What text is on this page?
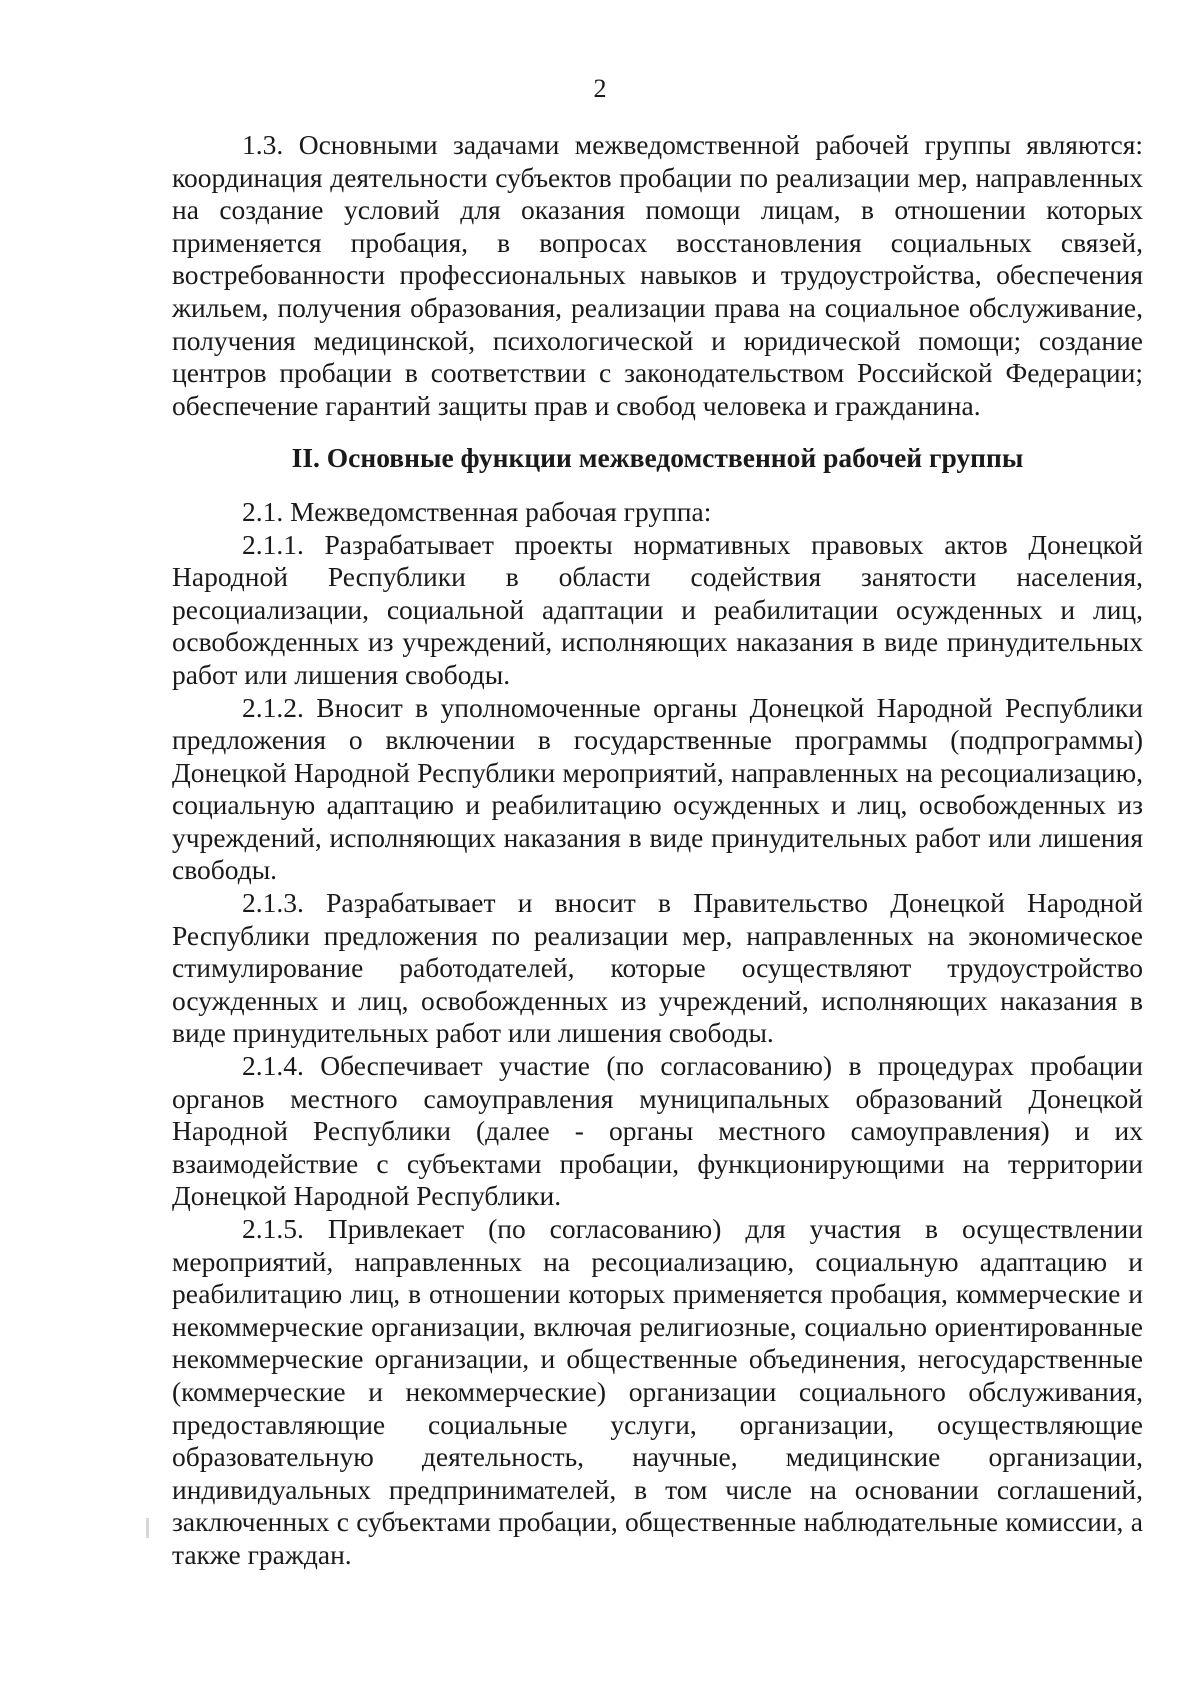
2

1.3. Основными задачами межведомственной рабочей группы являются: координация деятельности субъектов пробации по реализации мер, направленных на создание условий для оказания помощи лицам, в отношении которых применяется пробация, в вопросах восстановления социальных связей, востребованности профессиональных навыков и трудоустройства, обеспечения жильем, получения образования, реализации права на социальное обслуживание, получения медицинской, психологической и юридической помощи; создание центров пробации в соответствии с законодательством Российской Федерации; обеспечение гарантий защиты прав и свобод человека и гражданина.

II. Основные функции межведомственной рабочей группы

2.1. Межведомственная рабочая группа:

2.1.1. Разрабатывает проекты нормативных правовых актов Донецкой Народной Республики в области содействия занятости населения, ресоциализации, социальной адаптации и реабилитации осужденных и лиц, освобожденных из учреждений, исполняющих наказания в виде принудительных работ или лишения свободы.

2.1.2. Вносит в уполномоченные органы Донецкой Народной Республики предложения о включении в государственные программы (подпрограммы) Донецкой Народной Республики мероприятий, направленных на ресоциализацию, социальную адаптацию и реабилитацию осужденных и лиц, освобожденных из учреждений, исполняющих наказания в виде принудительных работ или лишения свободы.

2.1.3. Разрабатывает и вносит в Правительство Донецкой Народной Республики предложения по реализации мер, направленных на экономическое стимулирование работодателей, которые осуществляют трудоустройство осужденных и лиц, освобожденных из учреждений, исполняющих наказания в виде принудительных работ или лишения свободы.

2.1.4. Обеспечивает участие (по согласованию) в процедурах пробации органов местного самоуправления муниципальных образований Донецкой Народной Республики (далее - органы местного самоуправления) и их взаимодействие с субъектами пробации, функционирующими на территории Донецкой Народной Республики.

2.1.5. Привлекает (по согласованию) для участия в осуществлении мероприятий, направленных на ресоциализацию, социальную адаптацию и реабилитацию лиц, в отношении которых применяется пробация, коммерческие и некоммерческие организации, включая религиозные, социально ориентированные некоммерческие организации, и общественные объединения, негосударственные (коммерческие и некоммерческие) организации социального обслуживания, предоставляющие социальные услуги, организации, осуществляющие образовательную деятельность, научные, медицинские организации, индивидуальных предпринимателей, в том числе на основании соглашений, заключенных с субъектами пробации, общественные наблюдательные комиссии, а также граждан.
